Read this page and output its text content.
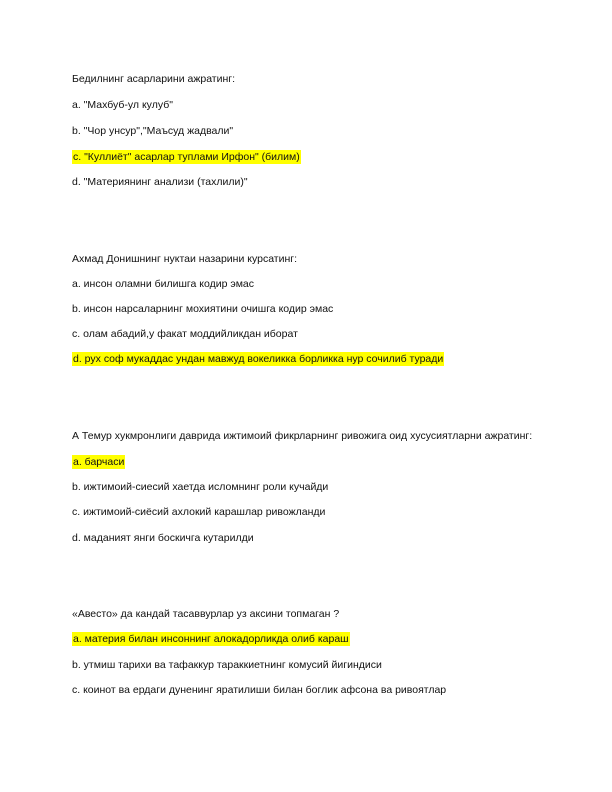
Бедилнинг асарларини ажратинг:
a. "Махбуб-ул кулуб"
b. "Чор унсур","Маъсуд жадвали"
c. "Куллиёт" асарлар туплами Ирфон" (билим)
d. "Материянинг анализи (тахлили)"
Ахмад Донишнинг нуктаи назарини курсатинг:
a. инсон оламни билишга кодир эмас
b. инсон нарсаларнинг мохиятини очишга кодир эмас
c. олам абадий,у факат моддийликдан иборат
d. рух соф мукаддас ундан мавжуд вокеликка борликка нур сочилиб туради
А Темур хукмронлиги даврида ижтимоий фикрларнинг ривожига оид хусусиятларни ажратинг:
a. барчаси
b. ижтимоий-сиесий хаетда исломнинг роли кучайди
c. ижтимоий-сиёсий ахлокий карашлар ривожланди
d. маданият янги боскичга кутарилди
«Авесто» да кандай тасаввурлар уз аксини топмаган ?
a. материя билан инсоннинг алокадорликда олиб караш
b. утмиш тарихи ва тафаккур тараккиетнинг комусий йигиндиси
c. коинот ва ердаги дуненинг яратилиши билан боглик афсона ва ривоятлар
